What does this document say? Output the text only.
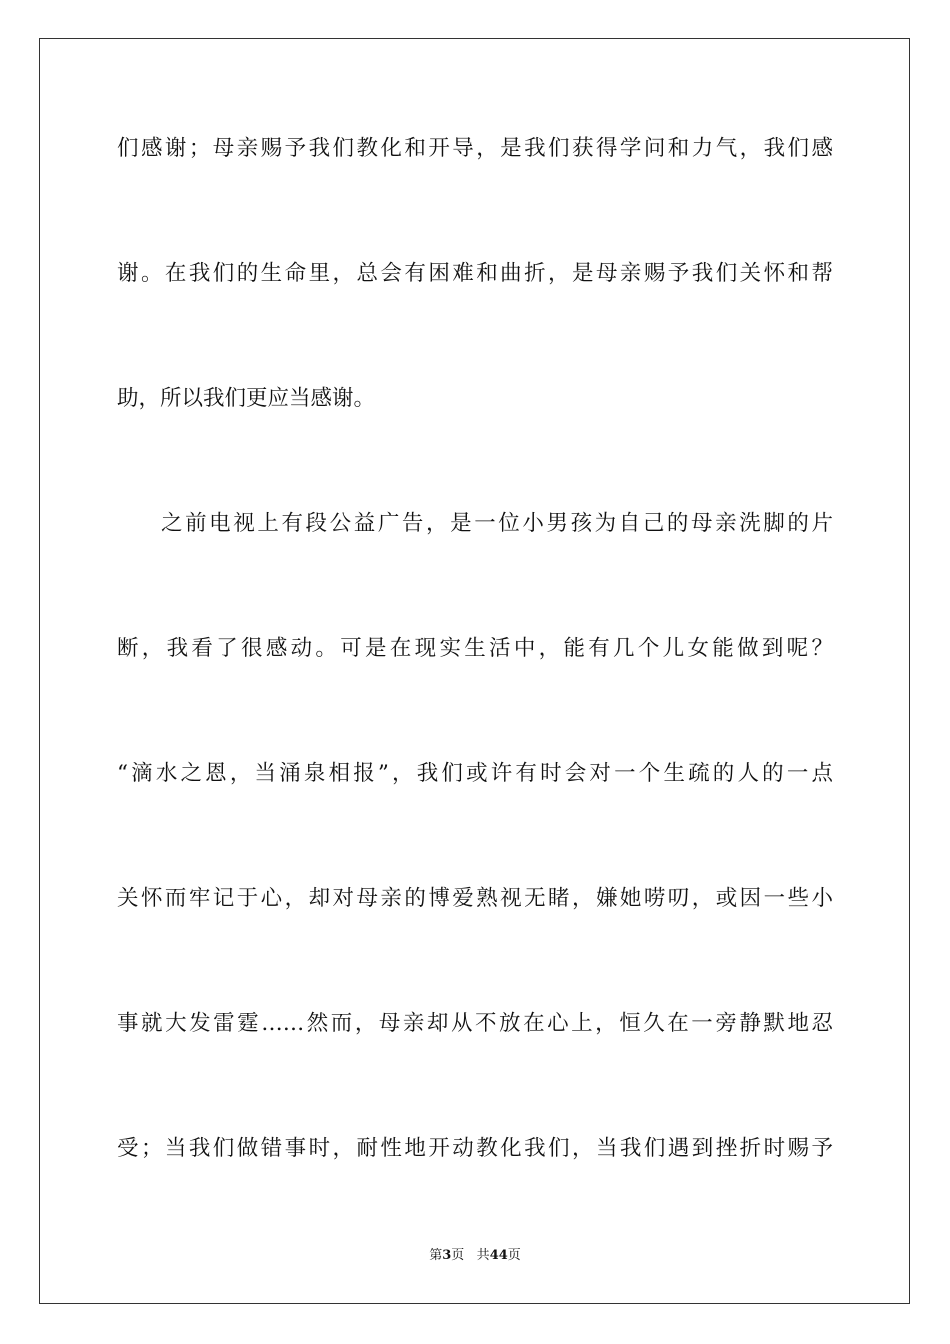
们感谢；母亲赐予我们教化和开导，是我们获得学问和力气，我们感
谢。在我们的生命里，总会有困难和曲折，是母亲赐予我们关怀和帮
助，所以我们更应当感谢。
之前电视上有段公益广告，是一位小男孩为自己的母亲洗脚的片
断，我看了很感动。可是在现实生活中，能有几个儿女能做到呢？
“滴水之恩，当涌泉相报”，我们或许有时会对一个生疏的人的一点
关怀而牢记于心，却对母亲的博爱熟视无睹，嫌她唠叨，或因一些小
事就大发雷霆……然而，母亲却从不放在心上，恒久在一旁静默地忍
受；当我们做错事时，耐性地开动教化我们，当我们遇到挫折时赐予
第3页 共44页
